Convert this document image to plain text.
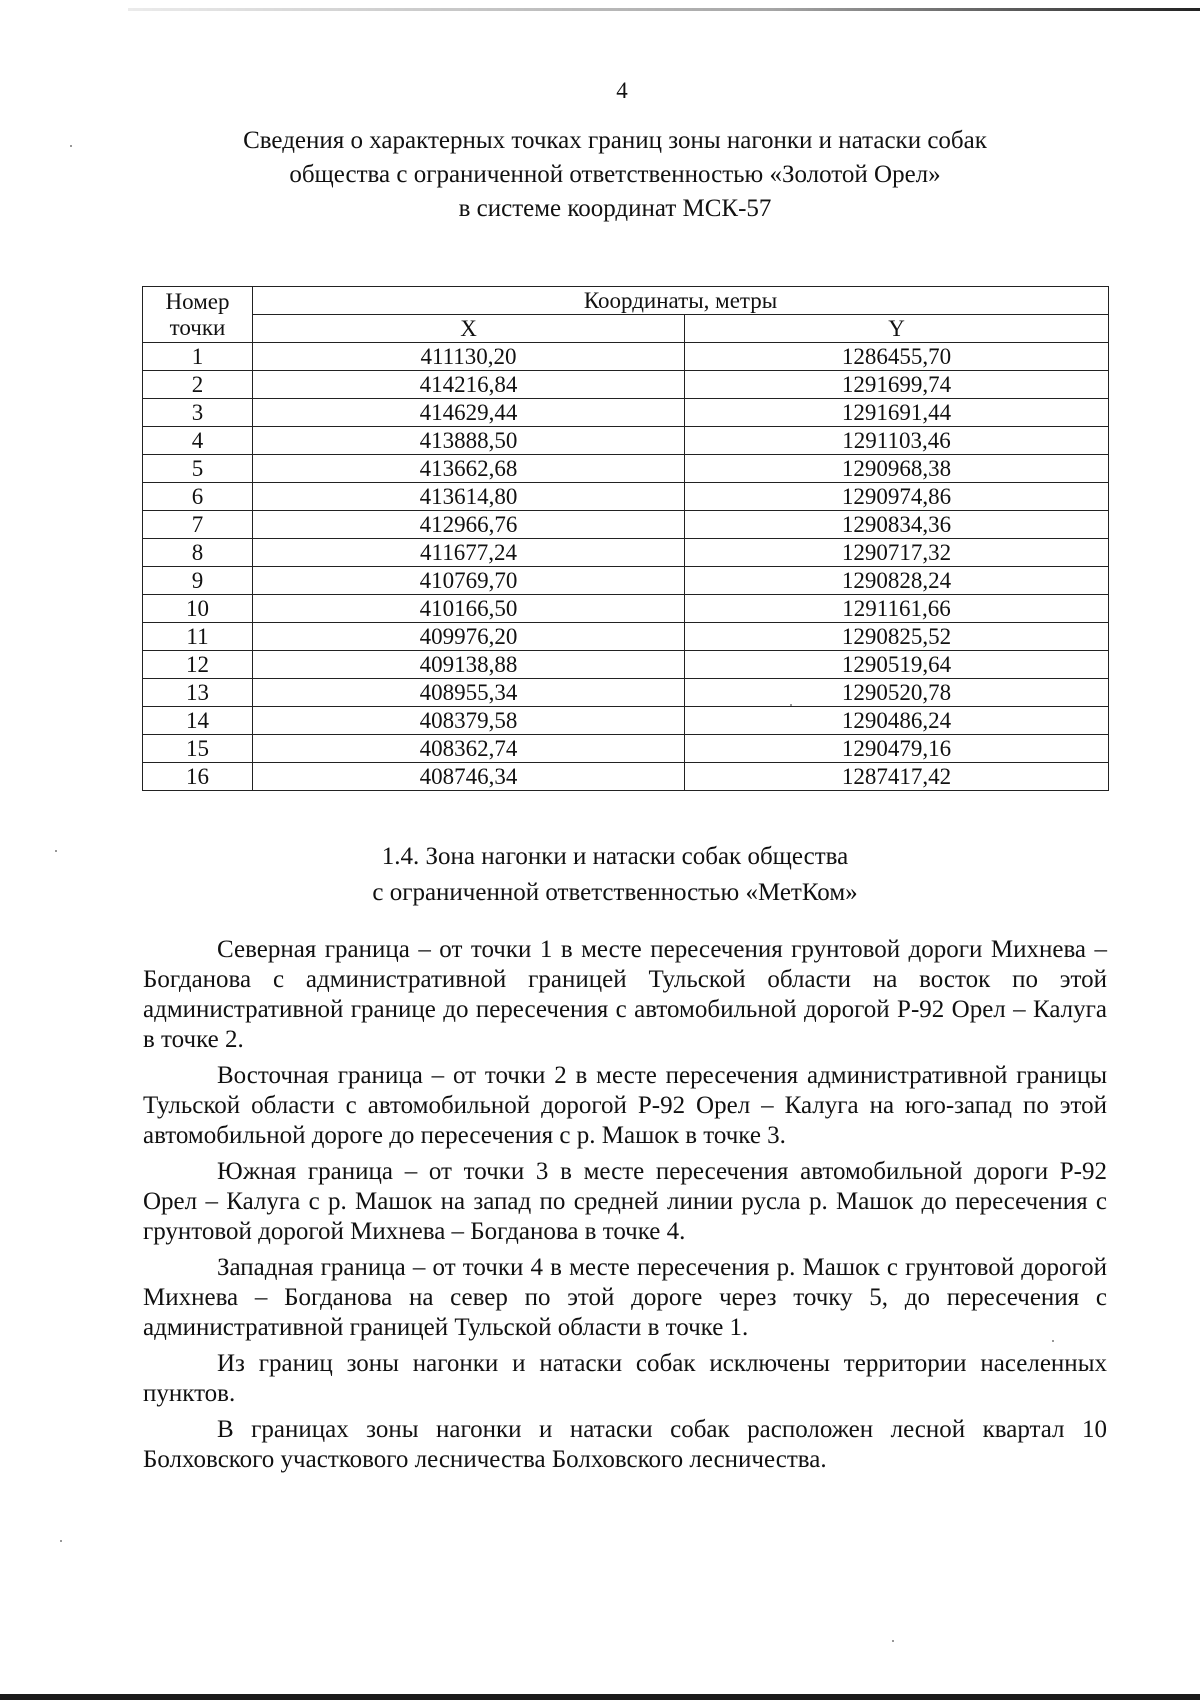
4
Сведения о характерных точках границ зоны нагонки и натаски собак
общества с ограниченной ответственностью «Золотой Орел»
в системе координат МСК-57
Номер
точки	Координаты, метры	
	X	Y
1	411130,20	1286455,70
2	414216,84	1291699,74
3	414629,44	1291691,44
4	413888,50	1291103,46
5	413662,68	1290968,38
6	413614,80	1290974,86
7	412966,76	1290834,36
8	411677,24	1290717,32
9	410769,70	1290828,24
10	410166,50	1291161,66
11	409976,20	1290825,52
12	409138,88	1290519,64
13	408955,34	1290520,78
14	408379,58	1290486,24
15	408362,74	1290479,16
16	408746,34	1287417,42
1.4. Зона нагонки и натаски собак общества
с ограниченной ответственностью «МетКом»

Северная граница – от точки 1 в месте пересечения грунтовой дороги Михнева – Богданова с административной границей Тульской области на восток по этой административной границе до пересечения с автомобильной дорогой Р-92 Орел – Калуга в точке 2.

Восточная граница – от точки 2 в месте пересечения административной границы Тульской области с автомобильной дорогой Р-92 Орел – Калуга на юго-запад по этой автомобильной дороге до пересечения с р. Машок в точке 3.

Южная граница – от точки 3 в месте пересечения автомобильной дороги Р-92 Орел – Калуга с р. Машок на запад по средней линии русла р. Машок до пересечения с грунтовой дорогой Михнева – Богданова в точке 4.

Западная граница – от точки 4 в месте пересечения р. Машок с грунтовой дорогой Михнева – Богданова на север по этой дороге через точку 5, до пересечения с административной границей Тульской области в точке 1.

Из границ зоны нагонки и натаски собак исключены территории населенных пунктов.

В границах зоны нагонки и натаски собак расположен лесной квартал 10 Болховского участкового лесничества Болховского лесничества.
